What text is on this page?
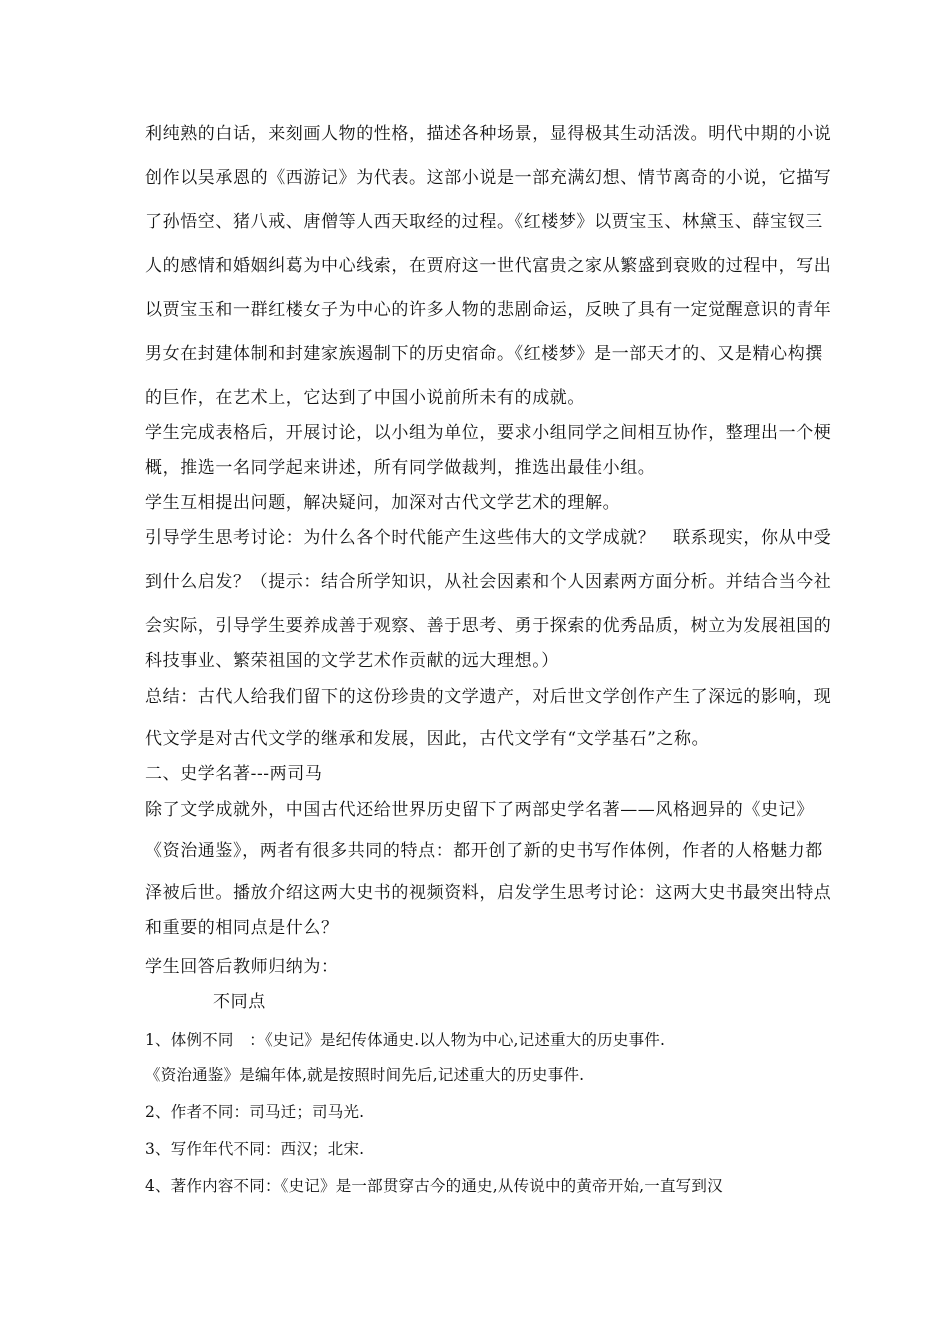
利纯熟的白话，来刻画人物的性格，描述各种场景，显得极其生动活泼。明代中期的小说
创作以吴承恩的《西游记》为代表。这部小说是一部充满幻想、情节离奇的小说，它描写
了孙悟空、猪八戒、唐僧等人西天取经的过程。《红楼梦》以贾宝玉、林黛玉、薛宝钗三
人的感情和婚姻纠葛为中心线索，在贾府这一世代富贵之家从繁盛到衰败的过程中，写出
以贾宝玉和一群红楼女子为中心的许多人物的悲剧命运，反映了具有一定觉醒意识的青年
男女在封建体制和封建家族遏制下的历史宿命。《红楼梦》是一部天才的、又是精心构撰
的巨作，在艺术上，它达到了中国小说前所未有的成就。
学生完成表格后，开展讨论，以小组为单位，要求小组同学之间相互协作，整理出一个梗
概，推选一名同学起来讲述，所有同学做裁判，推选出最佳小组。
学生互相提出问题，解决疑问，加深对古代文学艺术的理解。
引导学生思考讨论：为什么各个时代能产生这些伟大的文学成就？　联系现实，你从中受
到什么启发？（提示：结合所学知识，从社会因素和个人因素两方面分析。并结合当今社
会实际，引导学生要养成善于观察、善于思考、勇于探索的优秀品质，树立为发展祖国的
科技事业、繁荣祖国的文学艺术作贡献的远大理想。）
总结：古代人给我们留下的这份珍贵的文学遗产，对后世文学创作产生了深远的影响，现
代文学是对古代文学的继承和发展，因此，古代文学有“文学基石”之称。
二、史学名著---两司马
除了文学成就外，中国古代还给世界历史留下了两部史学名著——风格迥异的《史记》
《资治通鉴》，两者有很多共同的特点：都开创了新的史书写作体例，作者的人格魅力都
泽被后世。播放介绍这两大史书的视频资料，启发学生思考讨论：这两大史书最突出特点
和重要的相同点是什么？
学生回答后教师归纳为：
不同点
1、体例不同　：《史记》是纪传体通史.以人物为中心,记述重大的历史事件.
《资治通鉴》是编年体,就是按照时间先后,记述重大的历史事件.
2、作者不同：司马迁；司马光.
3、写作年代不同：西汉；北宋.
4、著作内容不同：《史记》是一部贯穿古今的通史,从传说中的黄帝开始,一直写到汉
